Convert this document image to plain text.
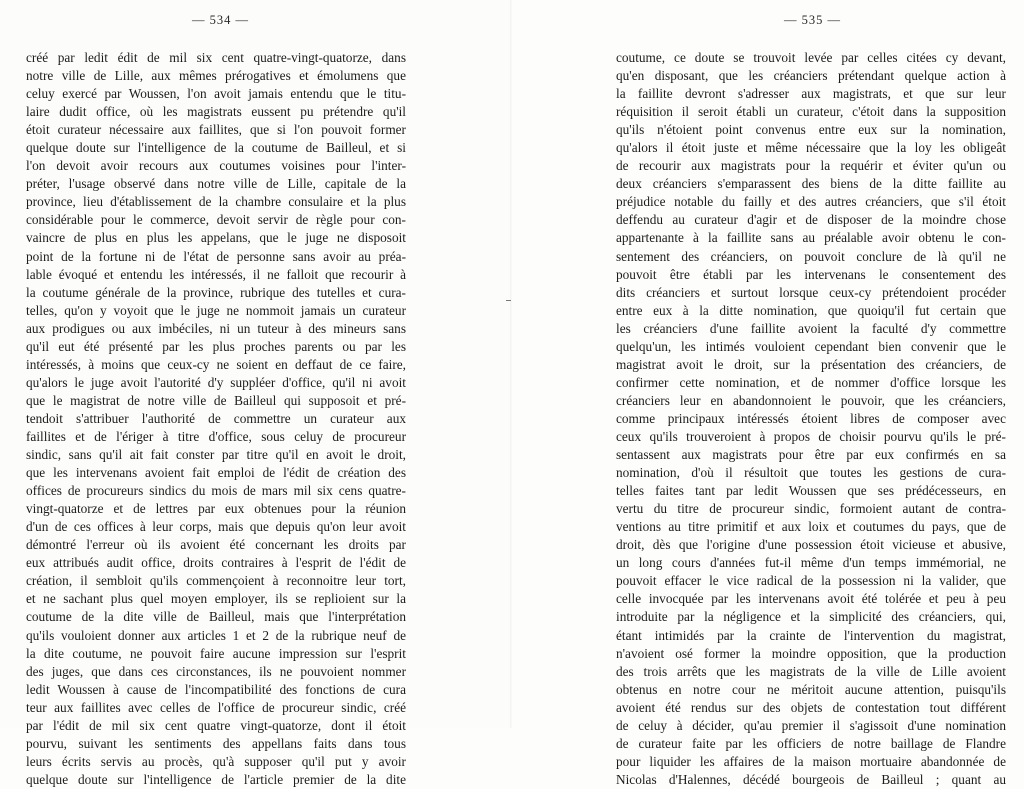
— 534 —
créé par ledit édit de mil six cent quatre-vingt-quatorze, dans
notre ville de Lille, aux mêmes prérogatives et émolumens que
celuy exercé par Woussen, l'on avoit jamais entendu que le titu-
laire dudit office, où les magistrats eussent pu prétendre qu'il
étoit curateur nécessaire aux faillites, que si l'on pouvoit former
quelque doute sur l'intelligence de la coutume de Bailleul, et si
l'on devoit avoir recours aux coutumes voisines pour l'inter-
préter, l'usage observé dans notre ville de Lille, capitale de la
province, lieu d'établissement de la chambre consulaire et la plus
considérable pour le commerce, devoit servir de règle pour con-
vaincre de plus en plus les appelans, que le juge ne disposoit
point de la fortune ni de l'état de personne sans avoir au préa-
lable évoqué et entendu les intéressés, il ne falloit que recourir à
la coutume générale de la province, rubrique des tutelles et cura-
telles, qu'on y voyoit que le juge ne nommoit jamais un curateur
aux prodigues ou aux imbéciles, ni un tuteur à des mineurs sans
qu'il eut été présenté par les plus proches parents ou par les
intéressés, à moins que ceux-cy ne soient en deffaut de ce faire,
qu'alors le juge avoit l'autorité d'y suppléer d'office, qu'il ni avoit
que le magistrat de notre ville de Bailleul qui supposoit et pré-
tendoit s'attribuer l'authorité de commettre un curateur aux
faillites et de l'ériger à titre d'office, sous celuy de procureur
sindic, sans qu'il ait fait conster par titre qu'il en avoit le droit,
que les intervenans avoient fait emploi de l'édit de création des
offices de procureurs sindics du mois de mars mil six cens quatre-
vingt-quatorze et de lettres par eux obtenues pour la réunion
d'un de ces offices à leur corps, mais que depuis qu'on leur avoit
démontré l'erreur où ils avoient été concernant les droits par
eux attribués audit office, droits contraires à l'esprit de l'édit de
création, il sembloit qu'ils commençoient à reconnoitre leur tort,
et ne sachant plus quel moyen employer, ils se replioient sur la
coutume de la dite ville de Bailleul, mais que l'interprétation
qu'ils vouloient donner aux articles 1 et 2 de la rubrique neuf de
la dite coutume, ne pouvoit faire aucune impression sur l'esprit
des juges, que dans ces circonstances, ils ne pouvoient nommer
ledit Woussen à cause de l'incompatibilité des fonctions de cura
teur aux faillites avec celles de l'office de procureur sindic, créé
par l'édit de mil six cent quatre vingt-quatorze, dont il étoit
pourvu, suivant les sentiments des appellans faits dans tous
leurs écrits servis au procès, qu'à supposer qu'il put y avoir
quelque doute sur l'intelligence de l'article premier de la dite
— 535 —
coutume, ce doute se trouvoit levée par celles citées cy devant,
qu'en disposant, que les créanciers prétendant quelque action à
la faillite devront s'adresser aux magistrats, et que sur leur
réquisition il seroit établi un curateur, c'étoit dans la supposition
qu'ils n'étoient point convenus entre eux sur la nomination,
qu'alors il étoit juste et même nécessaire que la loy les obligeât
de recourir aux magistrats pour la requérir et éviter qu'un ou
deux créanciers s'emparassent des biens de la ditte faillite au
préjudice notable du failly et des autres créanciers, que s'il étoit
deffendu au curateur d'agir et de disposer de la moindre chose
appartenante à la faillite sans au préalable avoir obtenu le con-
sentement des créanciers, on pouvoit conclure de là qu'il ne
pouvoit être établi par les intervenans le consentement des
dits créanciers et surtout lorsque ceux-cy prétendoient procéder
entre eux à la ditte nomination, que quoiqu'il fut certain que
les créanciers d'une faillite avoient la faculté d'y commettre
quelqu'un, les intimés vouloient cependant bien convenir que le
magistrat avoit le droit, sur la présentation des créanciers, de
confirmer cette nomination, et de nommer d'office lorsque les
créanciers leur en abandonnoient le pouvoir, que les créanciers,
comme principaux intéressés étoient libres de composer avec
ceux qu'ils trouveroient à propos de choisir pourvu qu'ils le pré-
sentassent aux magistrats pour être par eux confirmés en sa
nomination, d'où il résultoit que toutes les gestions de cura-
telles faites tant par ledit Woussen que ses prédécesseurs, en
vertu du titre de procureur sindic, formoient autant de contra-
ventions au titre primitif et aux loix et coutumes du pays, que de
droit, dès que l'origine d'une possession étoit vicieuse et abusive,
un long cours d'années fut-il même d'un temps immémorial, ne
pouvoit effacer le vice radical de la possession ni la valider, que
celle invocquée par les intervenans avoit été tolérée et peu à peu
introduite par la négligence et la simplicité des créanciers, qui,
étant intimidés par la crainte de l'intervention du magistrat,
n'avoient osé former la moindre opposition, que la production
des trois arrêts que les magistrats de la ville de Lille avoient
obtenus en notre cour ne méritoit aucune attention, puisqu'ils
avoient été rendus sur des objets de contestation tout différent
de celuy à décider, qu'au premier il s'agissoit d'une nomination
de curateur faite par les officiers de notre baillage de Flandre
pour liquider les affaires de la maison mortuaire abandonnée de
Nicolas d'Halennes, décédé bourgeois de Bailleul ; quant au
